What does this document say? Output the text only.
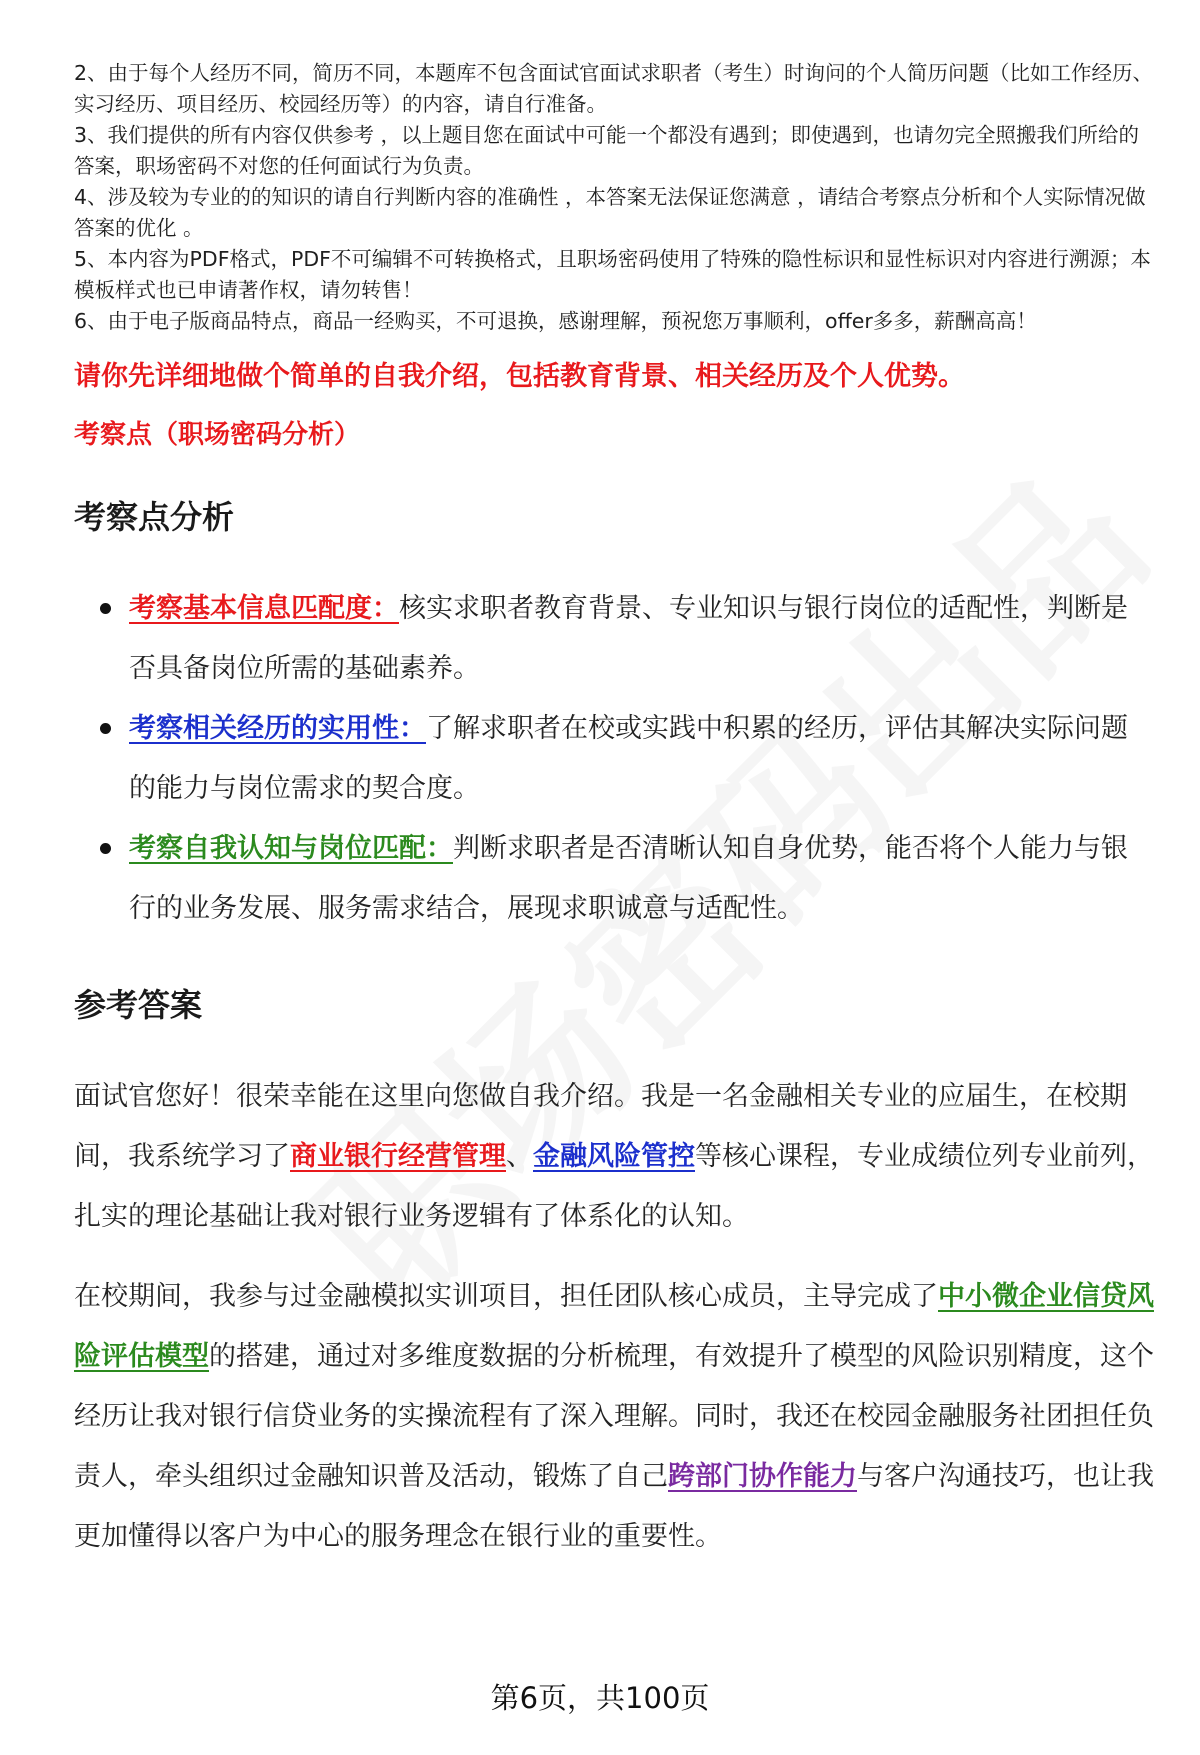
2、由于每个人经历不同，简历不同，本题库不包含面试官面试求职者（考生）时询问的个人简历问题（比如工作经历、实习经历、项目经历、校园经历等）的内容，请自行准备。

3、我们提供的所有内容仅供参考 ，以上题目您在面试中可能一个都没有遇到；即使遇到，也请勿完全照搬我们所给的答案，职场密码不对您的任何面试行为负责。

4、涉及较为专业的的知识的请自行判断内容的准确性 ，本答案无法保证您满意 ，请结合考察点分析和个人实际情况做答案的优化 。

5、本内容为PDF格式，PDF不可编辑不可转换格式，且职场密码使用了特殊的隐性标识和显性标识对内容进行溯源；本模板样式也已申请著作权，请勿转售！

6、由于电子版商品特点，商品一经购买，不可退换，感谢理解，预祝您万事顺利，offer多多，薪酬高高！

请你先详细地做个简单的自我介绍，包括教育背景、相关经历及个人优势。

考察点（职场密码分析）

考察点分析
考察基本信息匹配度：核实求职者教育背景、专业知识与银行岗位的适配性，判断是否具备岗位所需的基础素养。
考察相关经历的实用性：了解求职者在校或实践中积累的经历，评估其解决实际问题的能力与岗位需求的契合度。
考察自我认知与岗位匹配：判断求职者是否清晰认知自身优势，能否将个人能力与银行的业务发展、服务需求结合，展现求职诚意与适配性。
参考答案

面试官您好！很荣幸能在这里向您做自我介绍。我是一名金融相关专业的应届生，在校期间，我系统学习了商业银行经营管理、金融风险管控等核心课程，专业成绩位列专业前列，扎实的理论基础让我对银行业务逻辑有了体系化的认知。

在校期间，我参与过金融模拟实训项目，担任团队核心成员，主导完成了中小微企业信贷风险评估模型的搭建，通过对多维度数据的分析梳理，有效提升了模型的风险识别精度，这个经历让我对银行信贷业务的实操流程有了深入理解。同时，我还在校园金融服务社团担任负责人，牵头组织过金融知识普及活动，锻炼了自己跨部门协作能力与客户沟通技巧，也让我更加懂得以客户为中心的服务理念在银行业的重要性。

第6页，共100页
